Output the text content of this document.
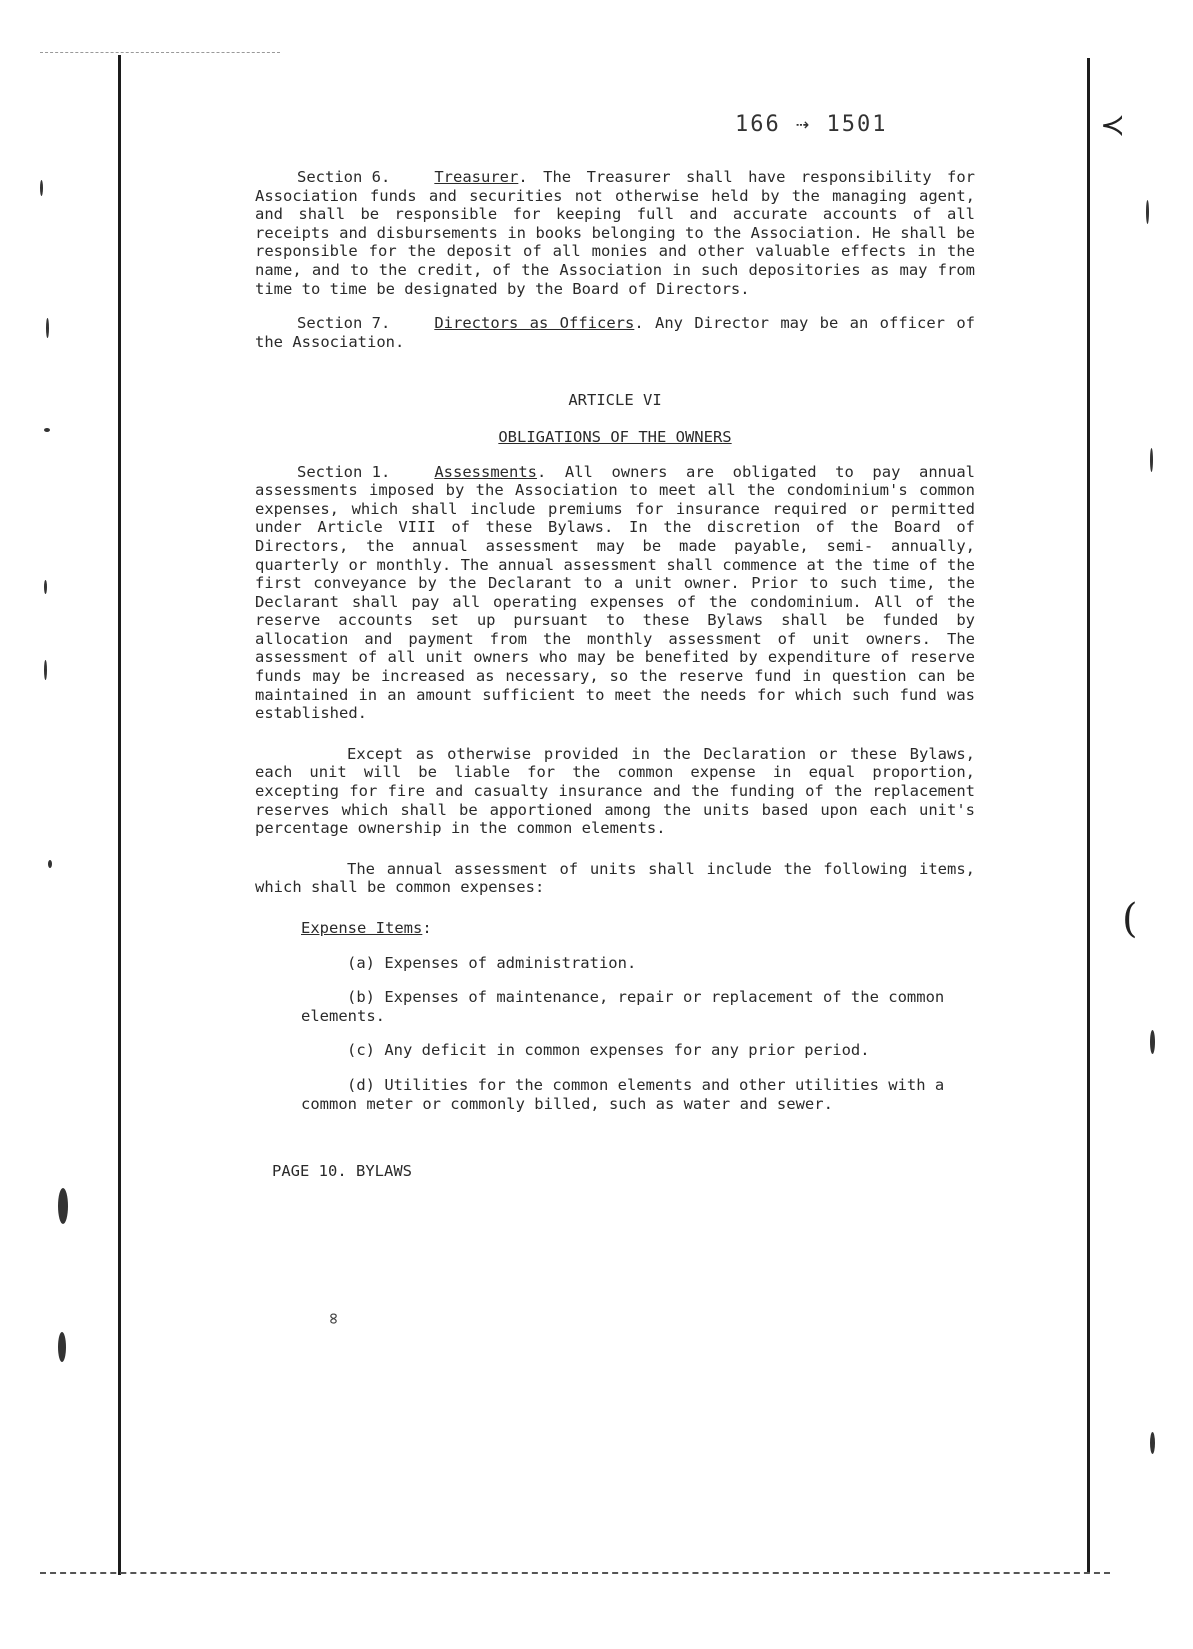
≺
(
166 ⇢ 1501

Section 6.	Treasurer. The Treasurer shall have responsibility for Association funds and securities not otherwise held by the managing agent, and shall be responsible for keeping full and accurate accounts of all receipts and disbursements in books belonging to the Association. He shall be responsible for the deposit of all monies and other valuable effects in the name, and to the credit, of the Association in such depositories as may from time to time be designated by the Board of Directors.

Section 7.	Directors as Officers. Any Director may be an officer of the Association.

ARTICLE VI
OBLIGATIONS OF THE OWNERS

Section 1.	Assessments. All owners are obligated to pay annual assessments imposed by the Association to meet all the condominium's common expenses, which shall include premiums for insurance required or permitted under Article VIII of these Bylaws. In the discretion of the Board of Directors, the annual assessment may be made payable, semi- annually, quarterly or monthly. The annual assessment shall commence at the time of the first conveyance by the Declarant to a unit owner. Prior to such time, the Declarant shall pay all operating expenses of the condominium. All of the reserve accounts set up pursuant to these Bylaws shall be funded by allocation and payment from the monthly assessment of unit owners. The assessment of all unit owners who may be benefited by expenditure of reserve funds may be increased as necessary, so the reserve fund in question can be maintained in an amount sufficient to meet the needs for which such fund was established.

Except as otherwise provided in the Declaration or these Bylaws, each unit will be liable for the common expense in equal proportion, excepting for fire and casualty insurance and the funding of the replacement reserves which shall be apportioned among the units based upon each unit's percentage ownership in the common elements.

The annual assessment of units shall include the following items, which shall be common expenses:

Expense Items:
(a) Expenses of administration.
(b) Expenses of maintenance, repair or replacement of the common elements.
(c) Any deficit in common expenses for any prior period.
(d) Utilities for the common elements and other utilities with a common meter or commonly billed, such as water and sewer.
PAGE 10. BYLAWS
∞
